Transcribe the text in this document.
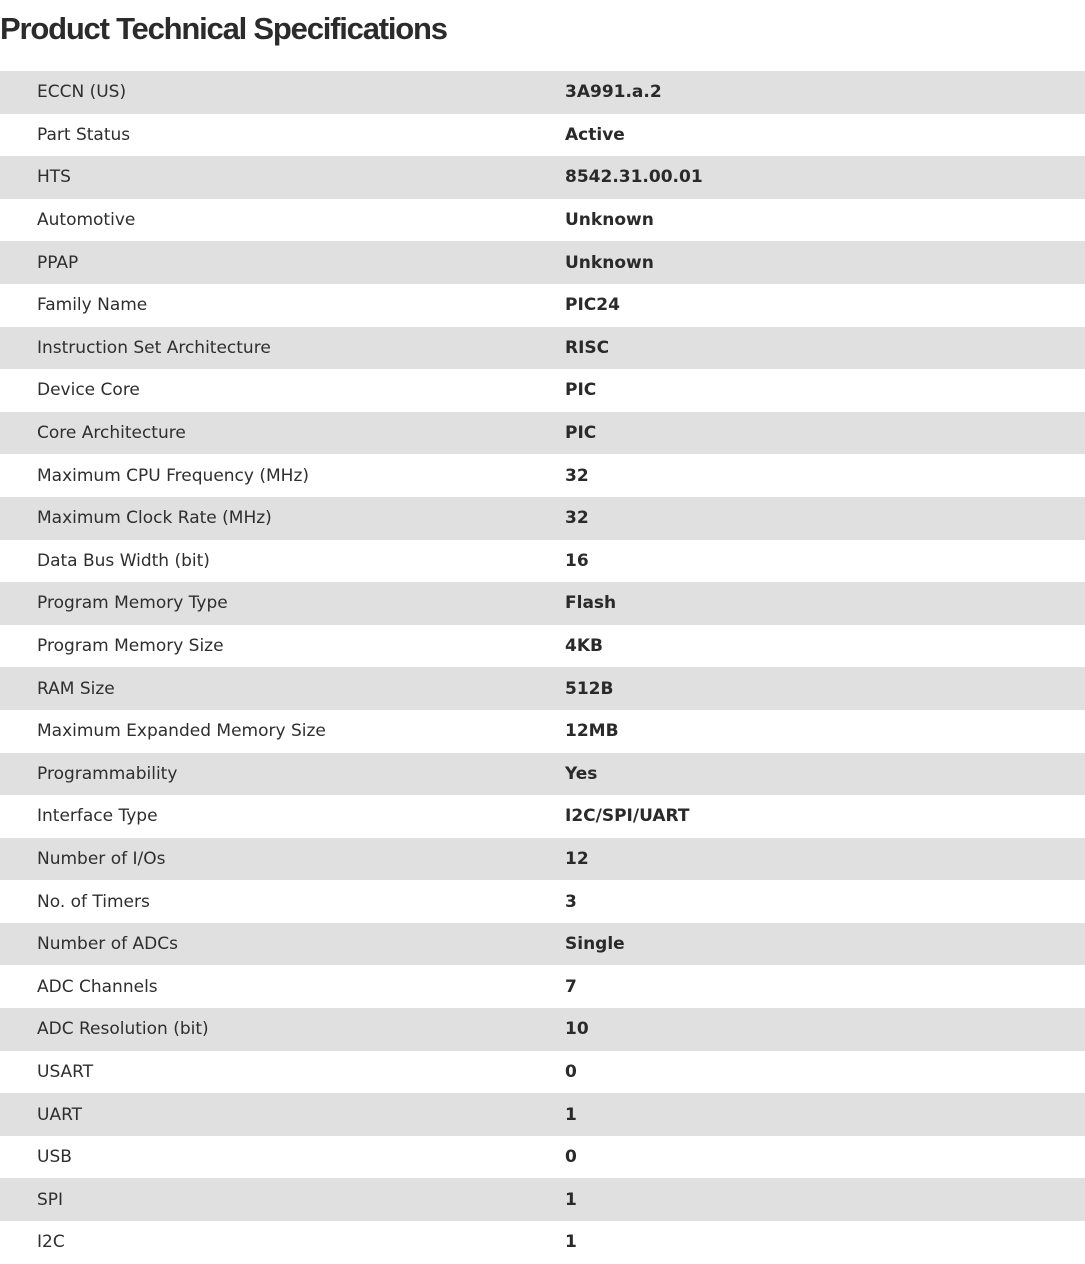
Product Technical Specifications
ECCN (US)	3A991.a.2
Part Status	Active
HTS	8542.31.00.01
Automotive	Unknown
PPAP	Unknown
Family Name	PIC24
Instruction Set Architecture	RISC
Device Core	PIC
Core Architecture	PIC
Maximum CPU Frequency (MHz)	32
Maximum Clock Rate (MHz)	32
Data Bus Width (bit)	16
Program Memory Type	Flash
Program Memory Size	4KB
RAM Size	512B
Maximum Expanded Memory Size	12MB
Programmability	Yes
Interface Type	I2C/SPI/UART
Number of I/Os	12
No. of Timers	3
Number of ADCs	Single
ADC Channels	7
ADC Resolution (bit)	10
USART	0
UART	1
USB	0
SPI	1
I2C	1
